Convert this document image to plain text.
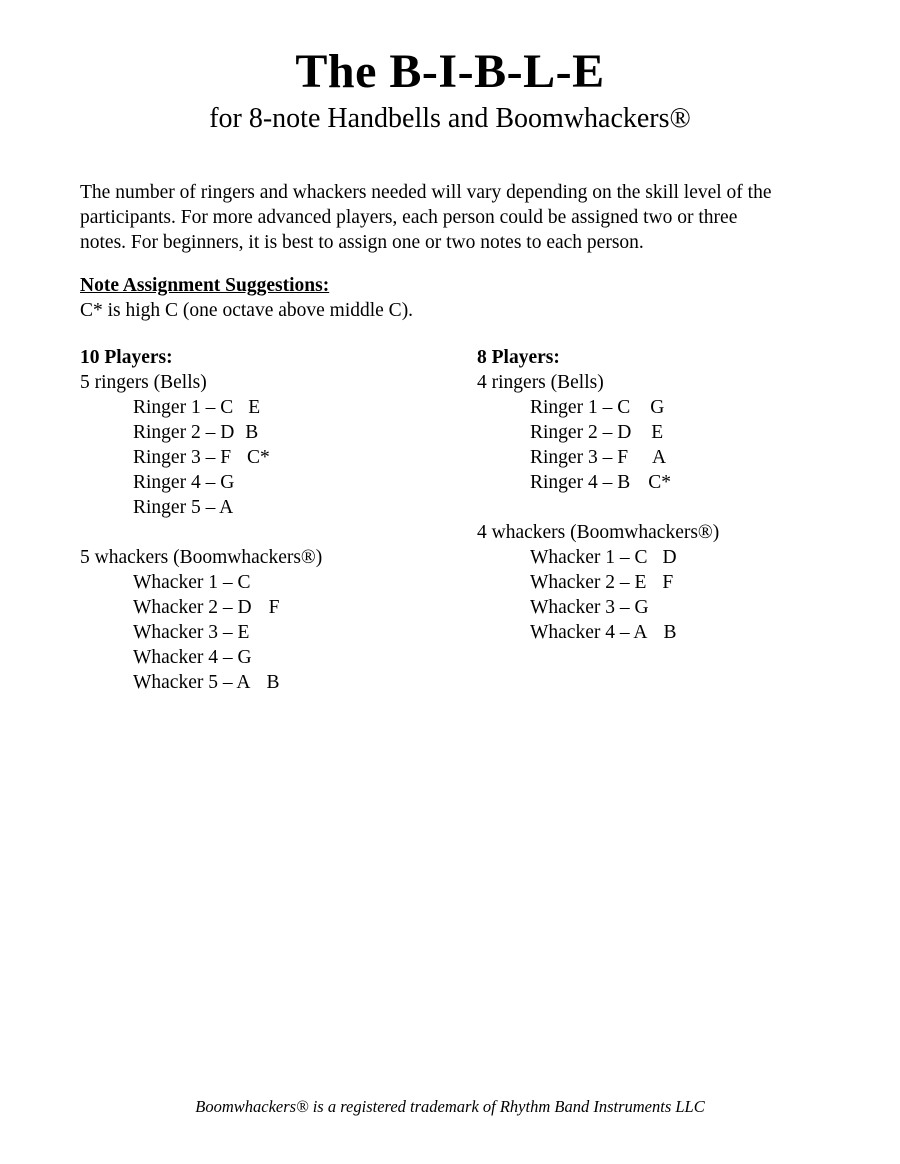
The B-I-B-L-E
for 8-note Handbells and Boomwhackers®
The number of ringers and whackers needed will vary depending on the skill level of the
participants. For more advanced players, each person could be assigned two or three
notes. For beginners, it is best to assign one or two notes to each person.
Note Assignment Suggestions:
C* is high C (one octave above middle C).
10 Players:
5 ringers (Bells)
Ringer 1 – C E
Ringer 2 – D B
Ringer 3 – F C*
Ringer 4 – G
Ringer 5 – A
5 whackers (Boomwhackers®)
Whacker 1 – C
Whacker 2 – D F
Whacker 3 – E
Whacker 4 – G
Whacker 5 – A B
8 Players:
4 ringers (Bells)
Ringer 1 – C G
Ringer 2 – D E
Ringer 3 – F A
Ringer 4 – B C*
4 whackers (Boomwhackers®)
Whacker 1 – C D
Whacker 2 – E F
Whacker 3 – G
Whacker 4 – A B
Boomwhackers® is a registered trademark of Rhythm Band Instruments LLC
